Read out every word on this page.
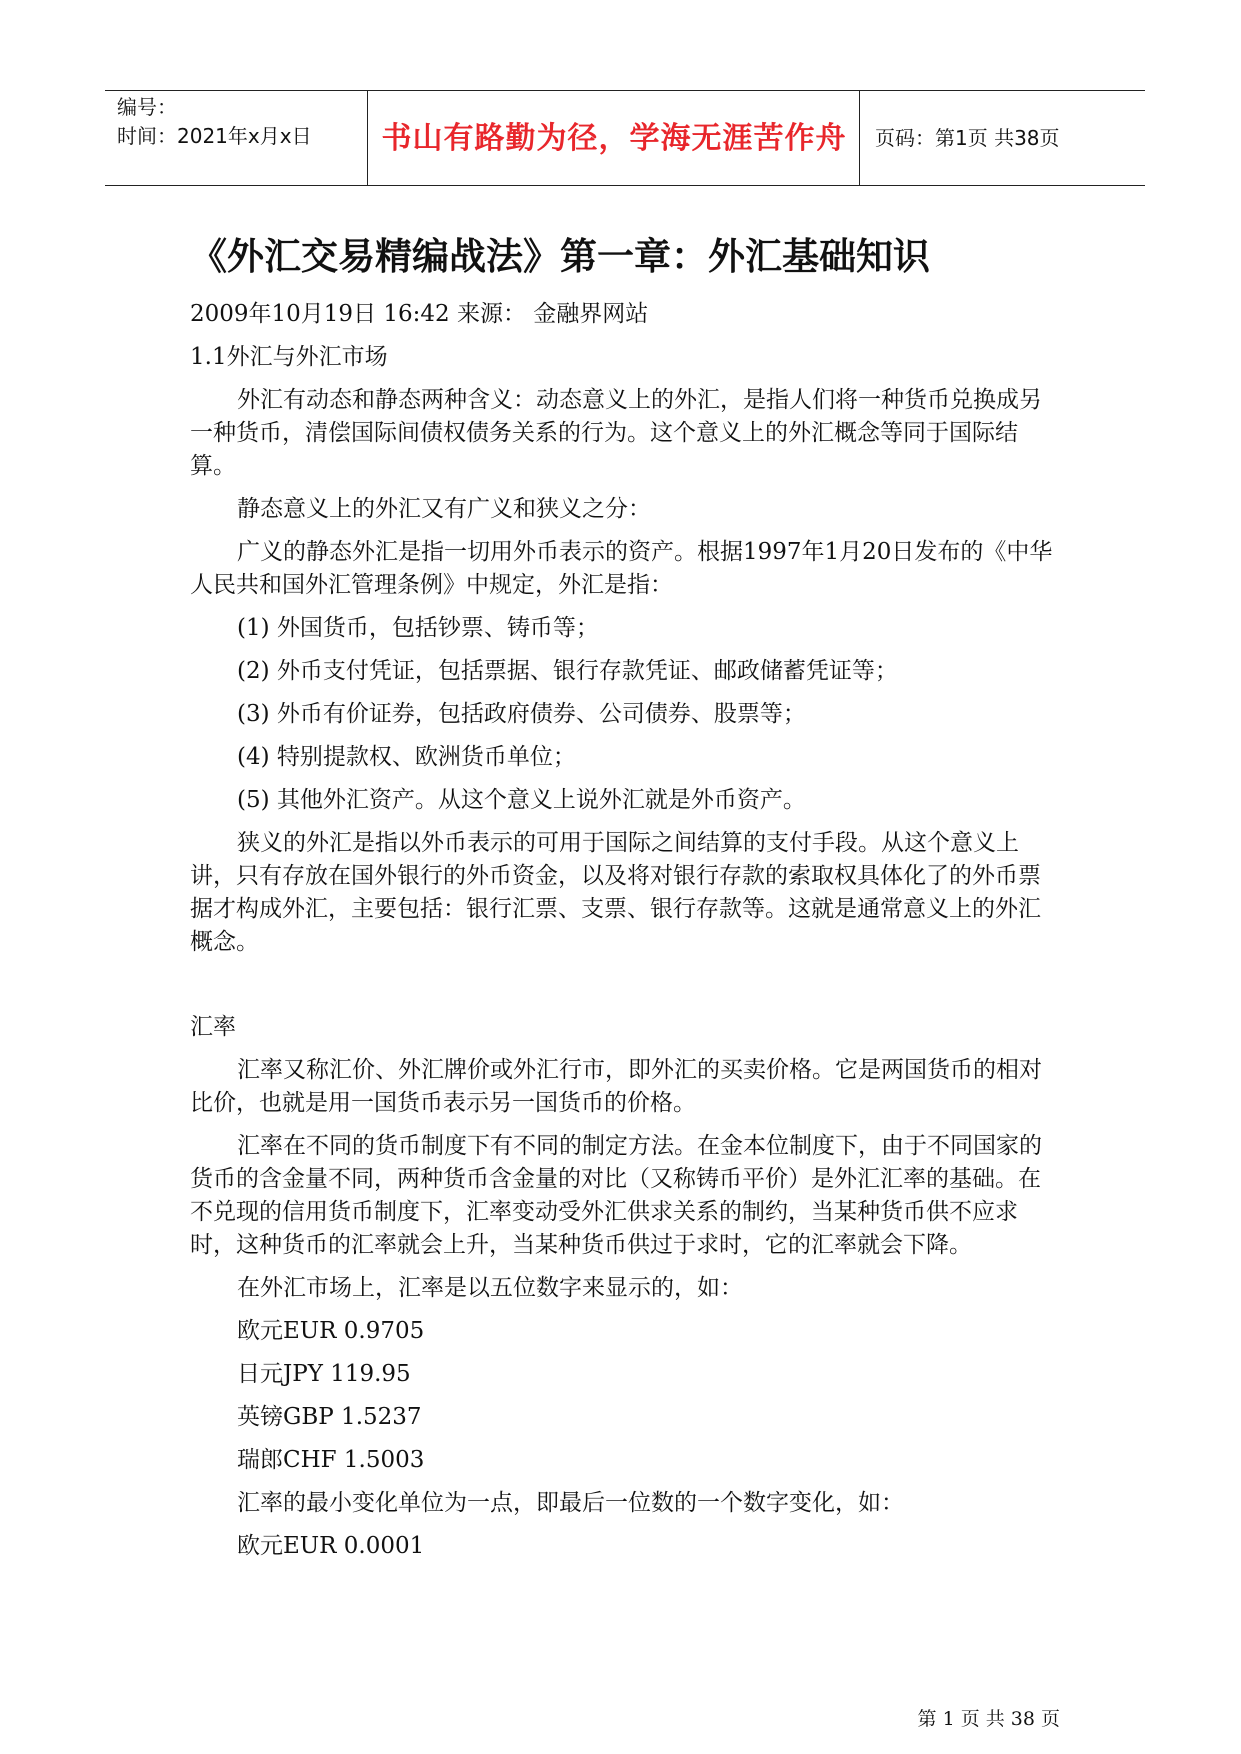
编号：
时间：2021年x月x日	书山有路勤为径，学海无涯苦作舟	页码：第1页 共38页
《外汇交易精编战法》第一章：外汇基础知识

2009年10月19日 16:42 来源： 金融界网站

1.1外汇与外汇市场

外汇有动态和静态两种含义：动态意义上的外汇，是指人们将一种货币兑换成另一种货币，清偿国际间债权债务关系的行为。这个意义上的外汇概念等同于国际结算。

静态意义上的外汇又有广义和狭义之分：

广义的静态外汇是指一切用外币表示的资产。根据1997年1月20日发布的《中华人民共和国外汇管理条例》中规定，外汇是指：

(1) 外国货币，包括钞票、铸币等；

(2) 外币支付凭证，包括票据、银行存款凭证、邮政储蓄凭证等；

(3) 外币有价证券，包括政府债券、公司债券、股票等；

(4) 特别提款权、欧洲货币单位；

(5) 其他外汇资产。从这个意义上说外汇就是外币资产。

狭义的外汇是指以外币表示的可用于国际之间结算的支付手段。从这个意义上讲，只有存放在国外银行的外币资金，以及将对银行存款的索取权具体化了的外币票据才构成外汇，主要包括：银行汇票、支票、银行存款等。这就是通常意义上的外汇概念。

汇率

汇率又称汇价、外汇牌价或外汇行市，即外汇的买卖价格。它是两国货币的相对比价，也就是用一国货币表示另一国货币的价格。

汇率在不同的货币制度下有不同的制定方法。在金本位制度下，由于不同国家的货币的含金量不同，两种货币含金量的对比（又称铸币平价）是外汇汇率的基础。在不兑现的信用货币制度下，汇率变动受外汇供求关系的制约，当某种货币供不应求时，这种货币的汇率就会上升，当某种货币供过于求时，它的汇率就会下降。

在外汇市场上，汇率是以五位数字来显示的，如：

欧元EUR 0.9705

日元JPY 119.95

英镑GBP 1.5237

瑞郎CHF 1.5003

汇率的最小变化单位为一点，即最后一位数的一个数字变化，如：

欧元EUR 0.0001

第 1 页 共 38 页
